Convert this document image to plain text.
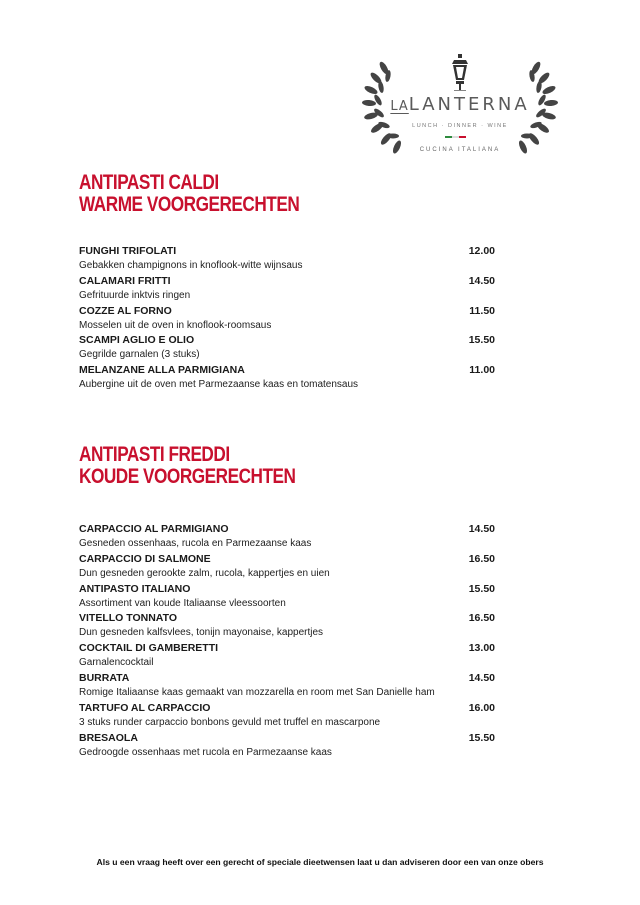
LALANTERNA
LUNCH · DINNER · WINE
CUCINA ITALIANA
ANTIPASTI CALDI
WARME VOORGERECHTEN
FUNGHI TRIFOLATI	12.00
Gebakken champignons in knoflook-witte wijnsaus
CALAMARI FRITTI	14.50
Gefrituurde inktvis ringen
COZZE AL FORNO	11.50
Mosselen uit de oven in knoflook-roomsaus
SCAMPI AGLIO E OLIO	15.50
Gegrilde garnalen (3 stuks)
MELANZANE ALLA PARMIGIANA	11.00
Aubergine uit de oven met Parmezaanse kaas en tomatensaus
ANTIPASTI FREDDI
KOUDE VOORGERECHTEN
CARPACCIO AL PARMIGIANO	14.50
Gesneden ossenhaas, rucola en Parmezaanse kaas
CARPACCIO DI SALMONE	16.50
Dun gesneden gerookte zalm, rucola, kappertjes en uien
ANTIPASTO ITALIANO	15.50
Assortiment van koude Italiaanse vleessoorten
VITELLO TONNATO	16.50
Dun gesneden kalfsvlees, tonijn mayonaise, kappertjes
COCKTAIL DI GAMBERETTI	13.00
Garnalencocktail
BURRATA	14.50
Romige Italiaanse kaas gemaakt van mozzarella en room met San Danielle ham
TARTUFO AL CARPACCIO	16.00
3 stuks runder carpaccio bonbons gevuld met truffel en mascarpone
BRESAOLA	15.50
Gedroogde ossenhaas met rucola en Parmezaanse kaas
Als u een vraag heeft over een gerecht of speciale dieetwensen laat u dan adviseren door een van onze obers
